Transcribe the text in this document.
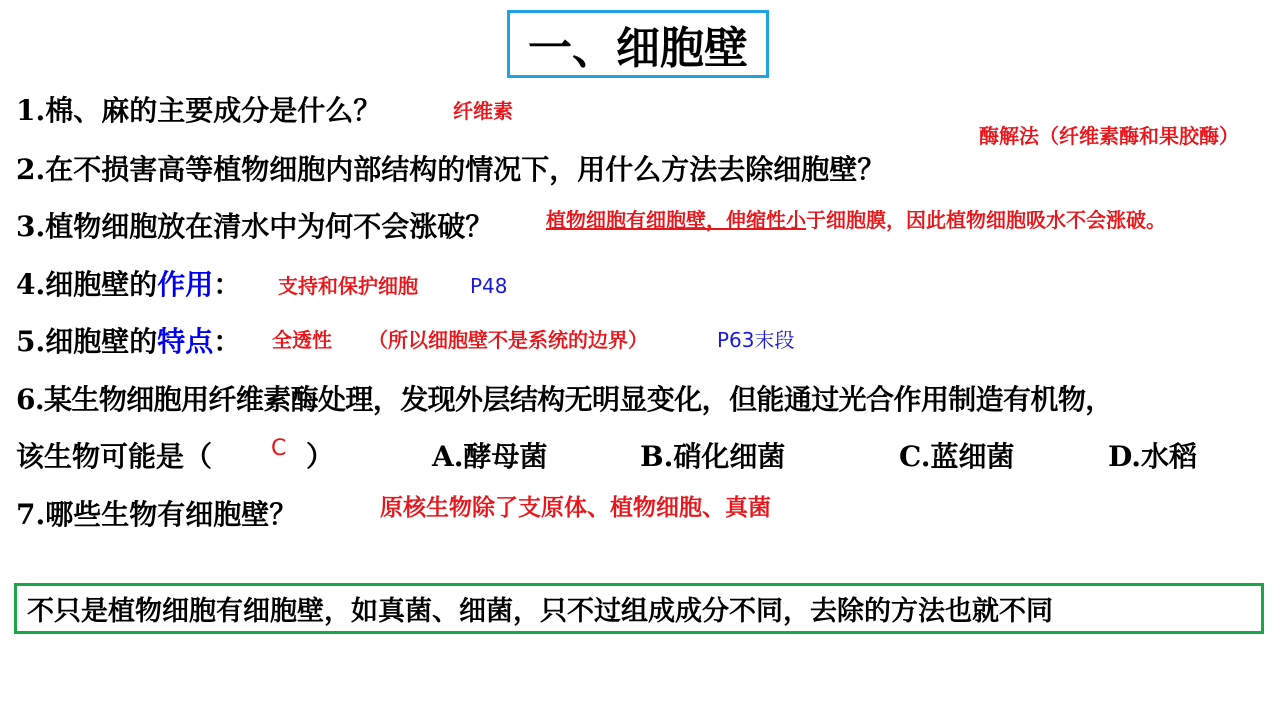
一、细胞壁
1.棉、麻的主要成分是什么？	纤维素
酶解法（纤维素酶和果胶酶）
2.在不损害高等植物细胞内部结构的情况下，用什么方法去除细胞壁？
3.植物细胞放在清水中为何不会涨破？	植物细胞有细胞壁，伸缩性小于细胞膜，因此植物细胞吸水不会涨破。
4.细胞壁的作用： 支持和保护细胞	P48
5.细胞壁的特点： 全透性 （所以细胞壁不是系统的边界）	P63末段
6.某生物细胞用纤维素酶处理，发现外层结构无明显变化，但能通过光合作用制造有机物，
该生物可能是（	C ）	A.酵母菌	B.硝化细菌	C.蓝细菌	D.水稻
7.哪些生物有细胞壁？	原核生物除了支原体、植物细胞、真菌
不只是植物细胞有细胞壁，如真菌、细菌，只不过组成成分不同，去除的方法也就不同
